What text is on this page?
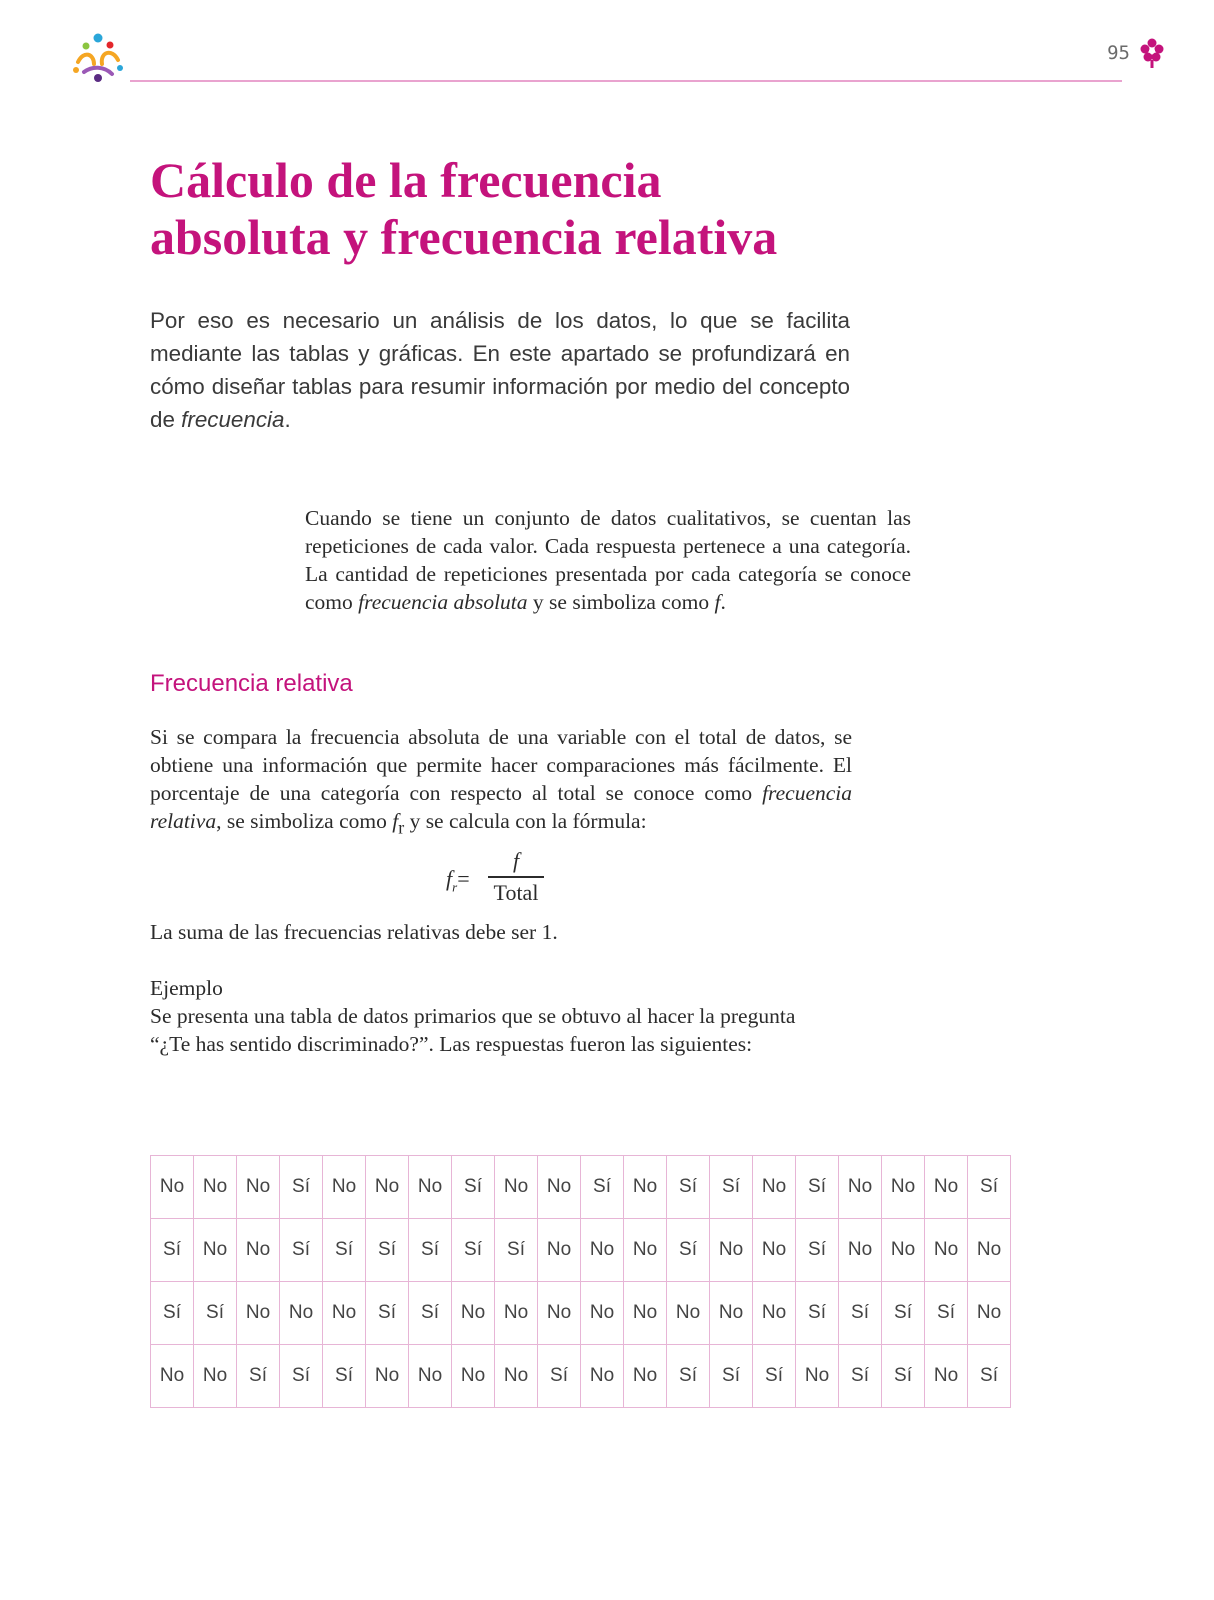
95
Cálculo de la frecuencia
absoluta y frecuencia relativa

Por eso es necesario un análisis de los datos, lo que se facilita mediante las tablas y gráficas. En este apartado se profundizará en cómo diseñar tablas para resumir información por medio del concepto de frecuencia.

Cuando se tiene un conjunto de datos cualitativos, se cuentan las repeticiones de cada valor. Cada respuesta pertenece a una categoría. La cantidad de repeticiones presentada por cada categoría se conoce como frecuencia absoluta y se simboliza como f.

Frecuencia relativa

Si se compara la frecuencia absoluta de una variable con el total de datos, se obtiene una información que permite hacer comparaciones más fácilmente. El porcentaje de una categoría con respecto al total se conoce como frecuencia relativa, se simboliza como $f_r$ y se calcula con la fórmula:

$f_r=$
f
Total

La suma de las frecuencias relativas debe ser 1.

Ejemplo
Se presenta una tabla de datos primarios que se obtuvo al hacer la pregunta
“¿Te has sentido discriminado?”. Las respuestas fueron las siguientes:

No	No	No	Sí	No	No	No	Sí	No	No	Sí	No	Sí	Sí	No	Sí	No	No	No	Sí
Sí	No	No	Sí	Sí	Sí	Sí	Sí	Sí	No	No	No	Sí	No	No	Sí	No	No	No	No
Sí	Sí	No	No	No	Sí	Sí	No	No	No	No	No	No	No	No	Sí	Sí	Sí	Sí	No
No	No	Sí	Sí	Sí	No	No	No	No	Sí	No	No	Sí	Sí	Sí	No	Sí	Sí	No	Sí
